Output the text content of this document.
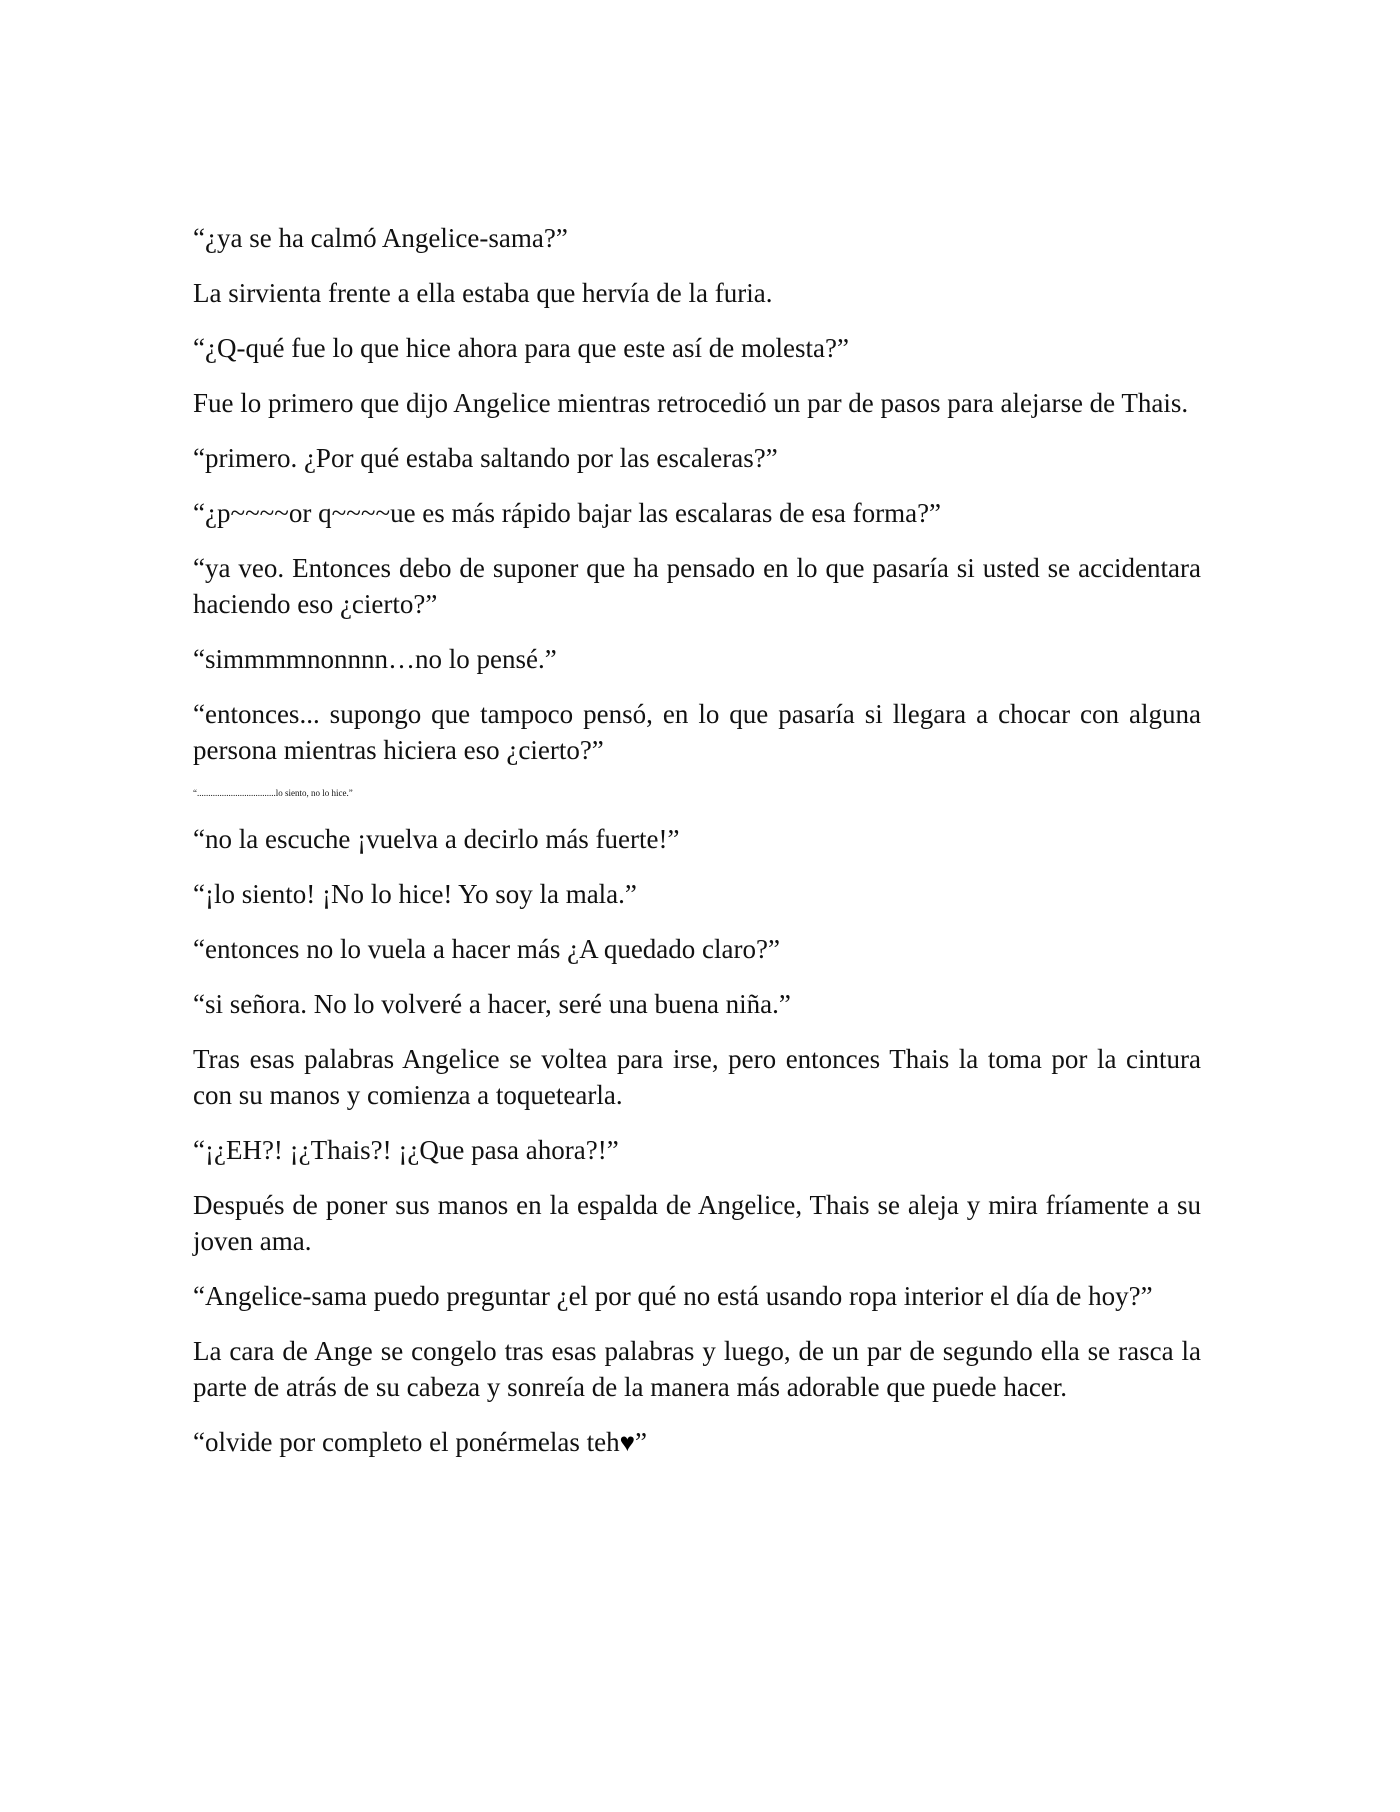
“¿ya se ha calmó Angelice-sama?”

La sirvienta frente a ella estaba que hervía de la furia.

“¿Q-qué fue lo que hice ahora para que este así de molesta?”

Fue lo primero que dijo Angelice mientras retrocedió un par de pasos para alejarse de Thais.

“primero. ¿Por qué estaba saltando por las escaleras?”

“¿p~~~~or q~~~~ue es más rápido bajar las escalaras de esa forma?”

“ya veo. Entonces debo de suponer que ha pensado en lo que pasaría si usted se accidentara haciendo eso ¿cierto?”

“simmmmnonnnn…no lo pensé.”

“entonces... supongo que tampoco pensó, en lo que pasaría si llegara a chocar con alguna persona mientras hiciera eso ¿cierto?”

“...................................lo siento, no lo hice.”

“no la escuche ¡vuelva a decirlo más fuerte!”

“¡lo siento! ¡No lo hice! Yo soy la mala.”

“entonces no lo vuela a hacer más ¿A quedado claro?”

“si señora. No lo volveré a hacer, seré una buena niña.”

Tras esas palabras Angelice se voltea para irse, pero entonces Thais la toma por la cintura con su manos y comienza a toquetearla.

“¡¿EH?! ¡¿Thais?! ¡¿Que pasa ahora?!”

Después de poner sus manos en la espalda de Angelice, Thais se aleja y mira fríamente a su joven ama.

“Angelice-sama puedo preguntar ¿el por qué no está usando ropa interior el día de hoy?”

La cara de Ange se congelo tras esas palabras y luego, de un par de segundo ella se rasca la parte de atrás de su cabeza y sonreía de la manera más adorable que puede hacer.

“olvide por completo el ponérmelas teh♥”
